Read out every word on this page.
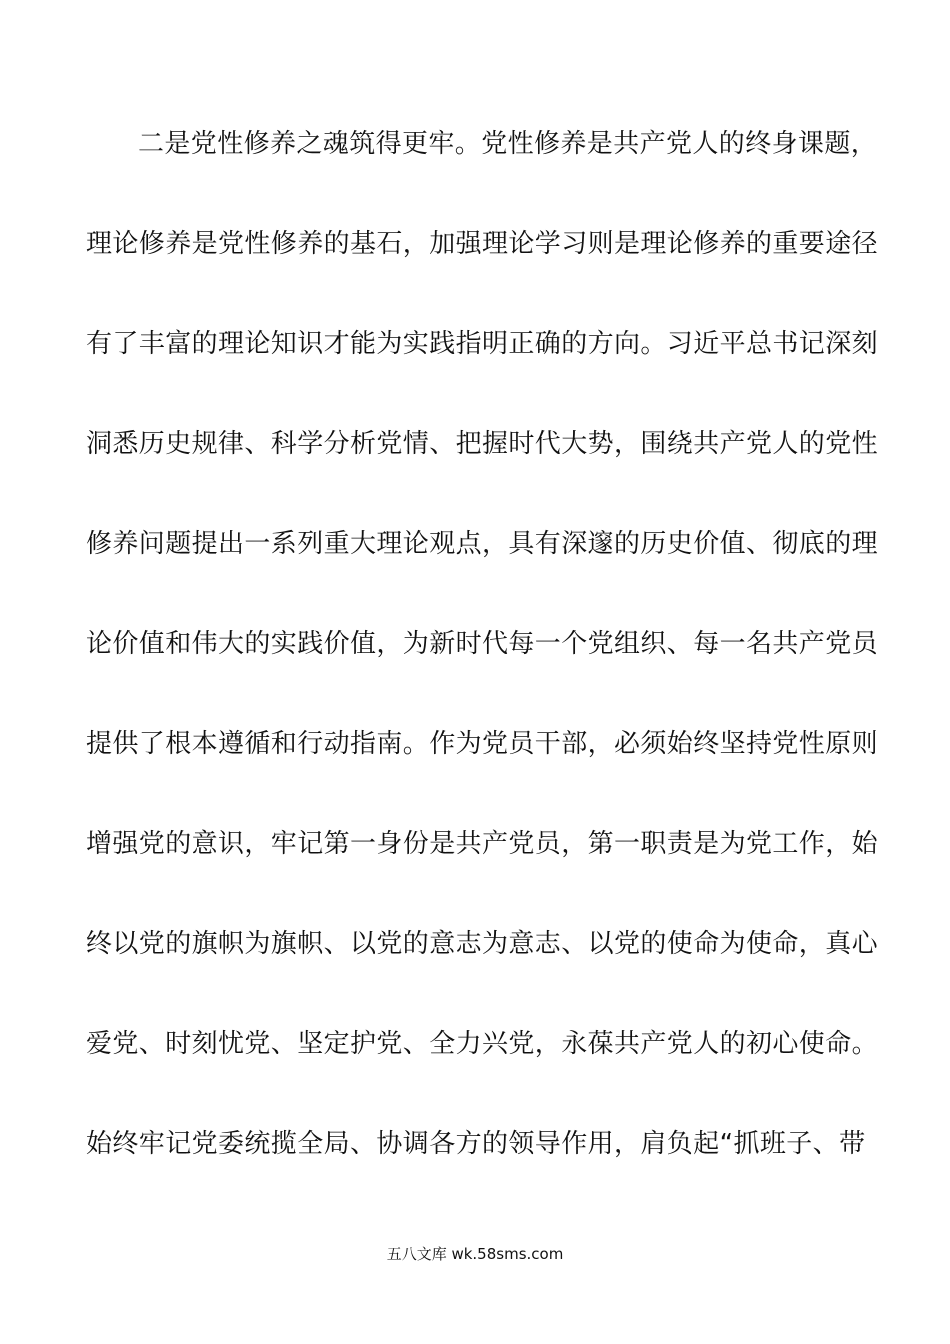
二是党性修养之魂筑得更牢。党性修养是共产党人的终身课题，
理论修养是党性修养的基石，加强理论学习则是理论修养的重要途径
有了丰富的理论知识才能为实践指明正确的方向。习近平总书记深刻
洞悉历史规律、科学分析党情、把握时代大势，围绕共产党人的党性
修养问题提出一系列重大理论观点，具有深邃的历史价值、彻底的理
论价值和伟大的实践价值，为新时代每一个党组织、每一名共产党员
提供了根本遵循和行动指南。作为党员干部，必须始终坚持党性原则
增强党的意识，牢记第一身份是共产党员，第一职责是为党工作，始
终以党的旗帜为旗帜、以党的意志为意志、以党的使命为使命，真心
爱党、时刻忧党、坚定护党、全力兴党，永葆共产党人的初心使命。
始终牢记党委统揽全局、协调各方的领导作用，肩负起“抓班子、带
五八文库 wk.58sms.com
